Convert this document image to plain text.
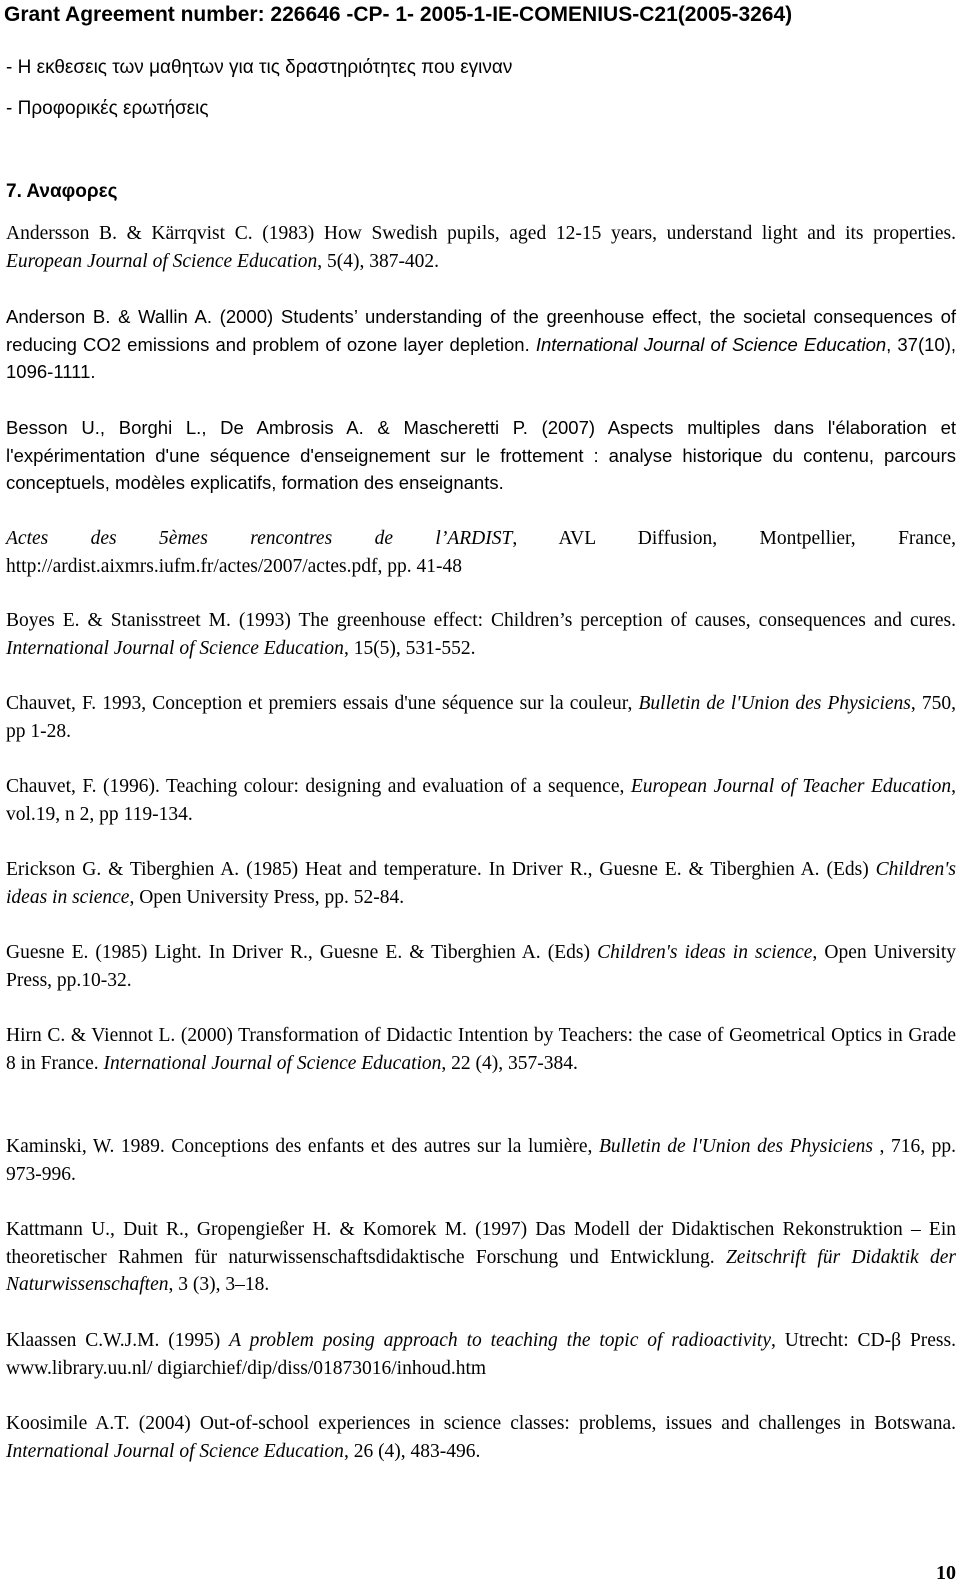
Grant Agreement number: 226646 -CP- 1- 2005-1-IE-COMENIUS-C21(2005-3264)

- Η εκθεσεις των μαθητων για τις δραστηριότητες που εγιναν

- Προφορικές ερωτήσεις

7. Αναφορες

Andersson B. & Kärrqvist C. (1983) How Swedish pupils, aged 12-15 years, understand light and its properties. European Journal of Science Education, 5(4), 387-402.

Anderson B. & Wallin A. (2000) Students’ understanding of the greenhouse effect, the societal consequences of reducing CO2 emissions and problem of ozone layer depletion. International Journal of Science Education, 37(10), 1096-1111.

Besson U., Borghi L., De Ambrosis A. & Mascheretti P. (2007) Aspects multiples dans l'élaboration et l'expérimentation d'une séquence d'enseignement sur le frottement : analyse historique du contenu, parcours conceptuels, modèles explicatifs, formation des enseignants.

Actes des 5èmes rencontres de l’ARDIST, AVL Diffusion, Montpellier, France, http://ardist.aixmrs.iufm.fr/actes/2007/actes.pdf, pp. 41-48

Boyes E. & Stanisstreet M. (1993) The greenhouse effect: Children’s perception of causes, consequences and cures. International Journal of Science Education, 15(5), 531-552.

Chauvet, F. 1993, Conception et premiers essais d'une séquence sur la couleur, Bulletin de l'Union des Physiciens, 750, pp 1-28.

Chauvet, F. (1996). Teaching colour: designing and evaluation of a sequence, European Journal of Teacher Education, vol.19, n 2, pp 119-134.

Erickson G. & Tiberghien A. (1985) Heat and temperature. In Driver R., Guesne E. & Tiberghien A. (Eds) Children's ideas in science, Open University Press, pp. 52-84.

Guesne E. (1985) Light. In Driver R., Guesne E. & Tiberghien A. (Eds) Children's ideas in science, Open University Press, pp.10-32.

Hirn C. & Viennot L. (2000) Transformation of Didactic Intention by Teachers: the case of Geometrical Optics in Grade 8 in France. International Journal of Science Education, 22 (4), 357-384.

Kaminski, W. 1989. Conceptions des enfants et des autres sur la lumière, Bulletin de l'Union des Physiciens , 716, pp. 973-996.

Kattmann U., Duit R., Gropengießer H. & Komorek M. (1997) Das Modell der Didaktischen Rekonstruktion – Ein theoretischer Rahmen für naturwissenschaftsdidaktische Forschung und Entwicklung. Zeitschrift für Didaktik der Naturwissenschaften, 3 (3), 3–18.

Klaassen C.W.J.M. (1995) A problem posing approach to teaching the topic of radioactivity, Utrecht: CD-β Press. www.library.uu.nl/ digiarchief/dip/diss/01873016/inhoud.htm

Koosimile A.T. (2004) Out-of-school experiences in science classes: problems, issues and challenges in Botswana. International Journal of Science Education, 26 (4), 483-496.

10
